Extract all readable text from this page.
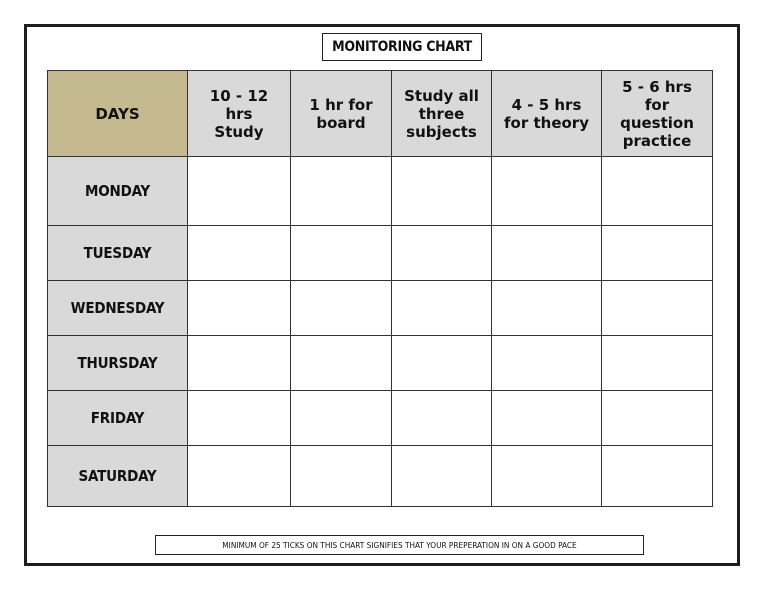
MONITORING CHART
DAYS	10 - 12 hrs Study	1 hr for board	Study all three subjects	4 - 5 hrs for theory	5 - 6 hrs for question practice
MONDAY					
TUESDAY					
WEDNESDAY					
THURSDAY					
FRIDAY					
SATURDAY					
MINIMUM OF 25 TICKS ON THIS CHART SIGNIFIES THAT YOUR PREPERATION IN ON A GOOD PACE
